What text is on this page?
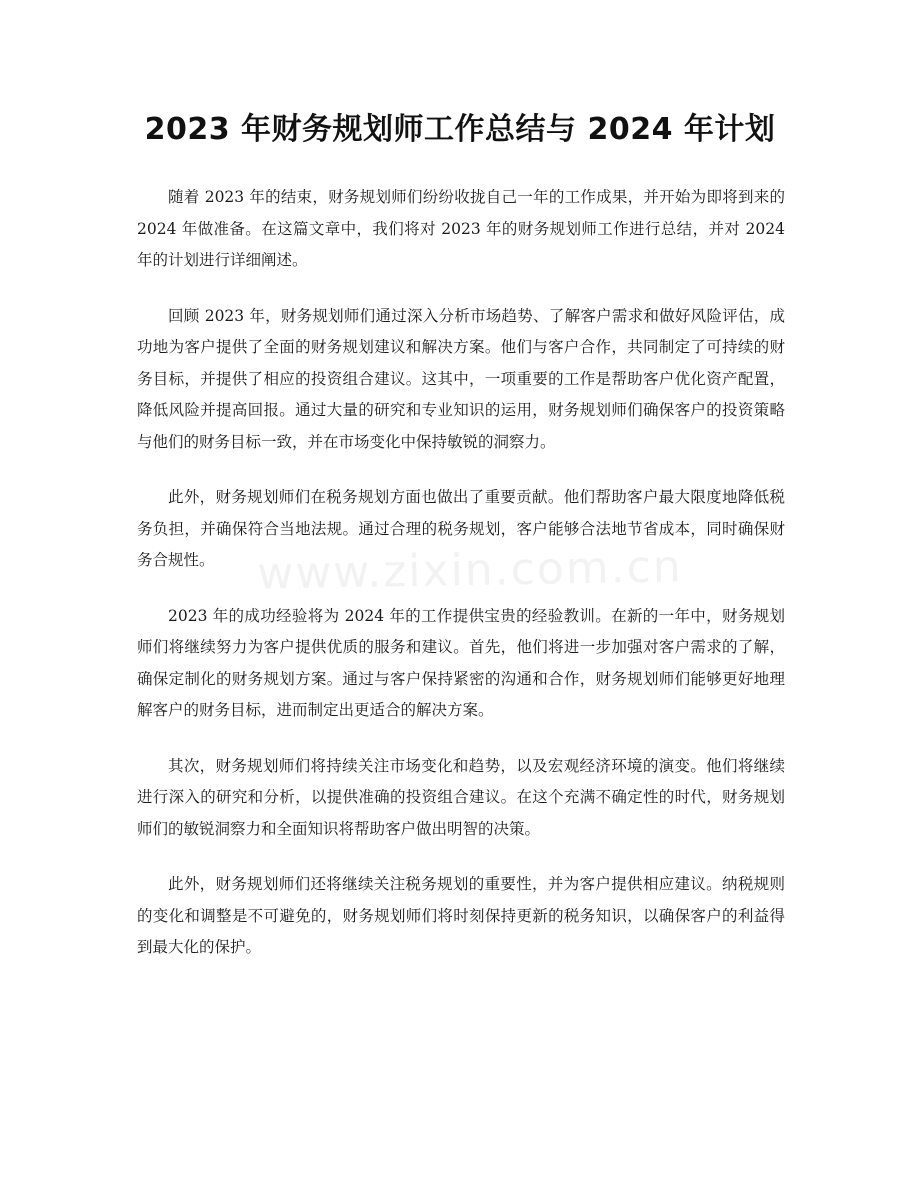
2023 年财务规划师工作总结与 2024 年计划
www.zixin.com.cn

随着 2023 年的结束，财务规划师们纷纷收拢自己一年的工作成果，并开始为即将到来的 2024 年做准备。在这篇文章中，我们将对 2023 年的财务规划师工作进行总结，并对 2024 年的计划进行详细阐述。

回顾 2023 年，财务规划师们通过深入分析市场趋势、了解客户需求和做好风险评估，成功地为客户提供了全面的财务规划建议和解决方案。他们与客户合作，共同制定了可持续的财务目标，并提供了相应的投资组合建议。这其中，一项重要的工作是帮助客户优化资产配置，降低风险并提高回报。通过大量的研究和专业知识的运用，财务规划师们确保客户的投资策略与他们的财务目标一致，并在市场变化中保持敏锐的洞察力。

此外，财务规划师们在税务规划方面也做出了重要贡献。他们帮助客户最大限度地降低税务负担，并确保符合当地法规。通过合理的税务规划，客户能够合法地节省成本，同时确保财务合规性。

2023 年的成功经验将为 2024 年的工作提供宝贵的经验教训。在新的一年中，财务规划师们将继续努力为客户提供优质的服务和建议。首先，他们将进一步加强对客户需求的了解，确保定制化的财务规划方案。通过与客户保持紧密的沟通和合作，财务规划师们能够更好地理解客户的财务目标，进而制定出更适合的解决方案。

其次，财务规划师们将持续关注市场变化和趋势，以及宏观经济环境的演变。他们将继续进行深入的研究和分析，以提供准确的投资组合建议。在这个充满不确定性的时代，财务规划师们的敏锐洞察力和全面知识将帮助客户做出明智的决策。

此外，财务规划师们还将继续关注税务规划的重要性，并为客户提供相应建议。纳税规则的变化和调整是不可避免的，财务规划师们将时刻保持更新的税务知识，以确保客户的利益得到最大化的保护。
